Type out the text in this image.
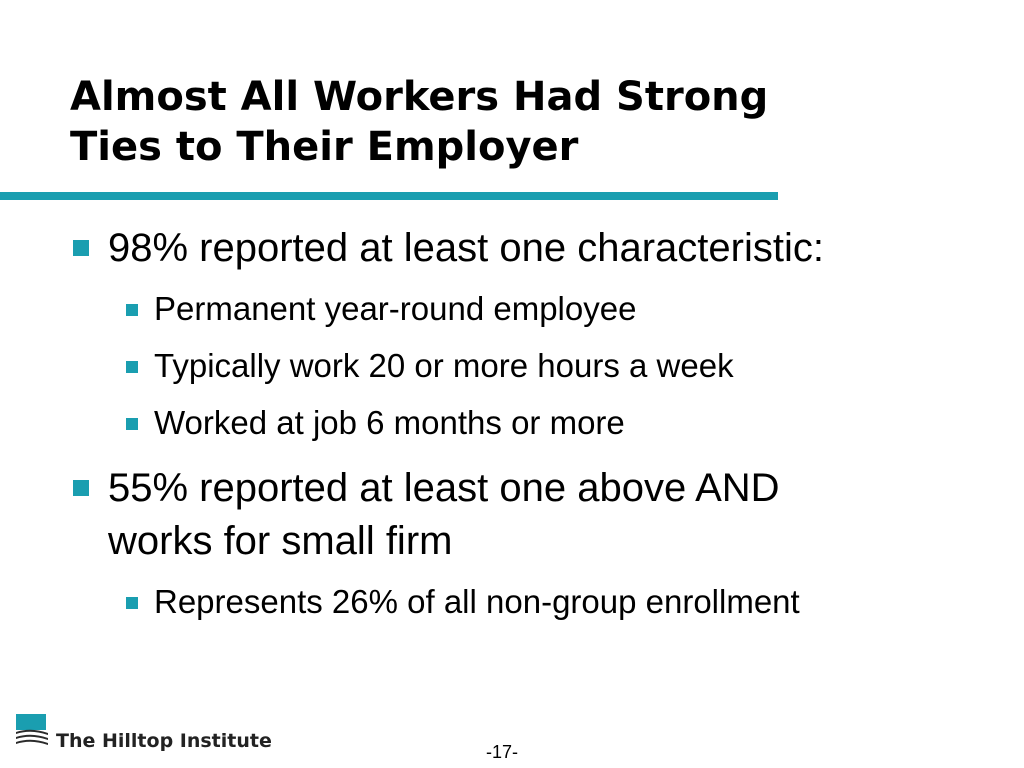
Almost All Workers Had Strong
Ties to Their Employer
98% reported at least one characteristic:
Permanent year-round employee
Typically work 20 or more hours a week
Worked at job 6 months or more
55% reported at least one above AND
works for small firm
Represents 26% of all non-group enrollment
The Hilltop Institute	-17-
